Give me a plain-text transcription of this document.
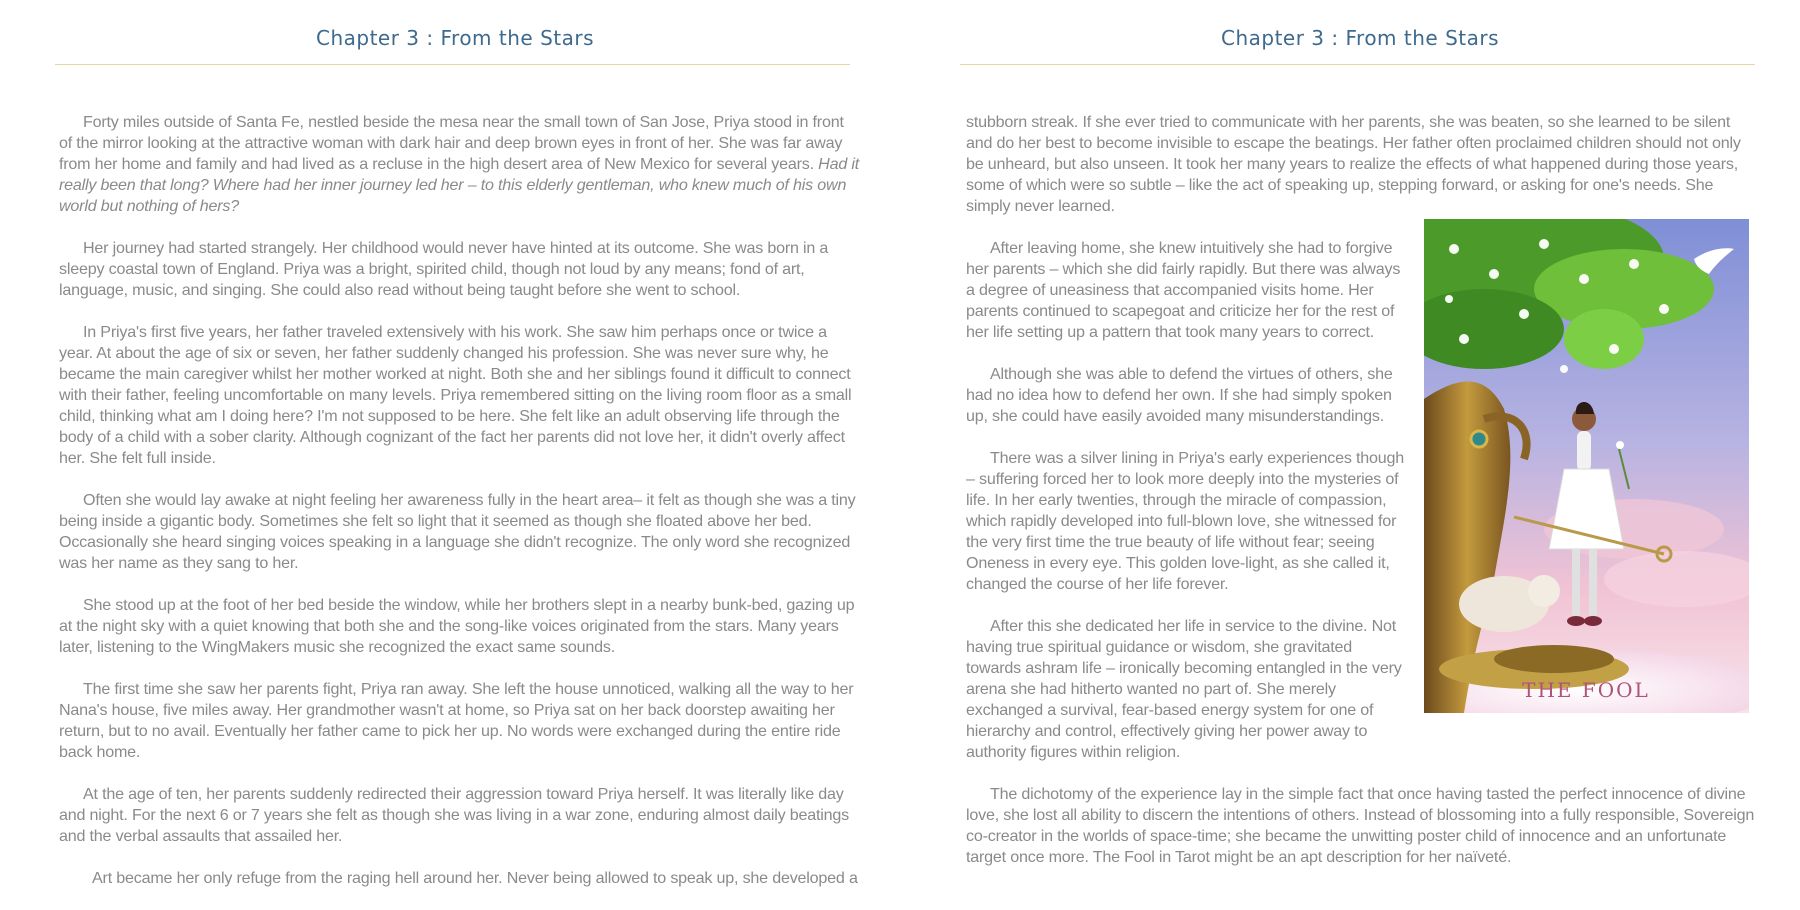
Chapter 3 : From the Stars

Forty miles outside of Santa Fe, nestled beside the mesa near the small town of San Jose, Priya stood in front of the mirror looking at the attractive woman with dark hair and deep brown eyes in front of her. She was far away from her home and family and had lived as a recluse in the high desert area of New Mexico for several years. Had it really been that long? Where had her inner journey led her – to this elderly gentleman, who knew much of his own world but nothing of hers?

Her journey had started strangely. Her childhood would never have hinted at its outcome. She was born in a sleepy coastal town of England. Priya was a bright, spirited child, though not loud by any means; fond of art, language, music, and singing. She could also read without being taught before she went to school.

In Priya's first five years, her father traveled extensively with his work. She saw him perhaps once or twice a year. At about the age of six or seven, her father suddenly changed his profession. She was never sure why, he became the main caregiver whilst her mother worked at night. Both she and her siblings found it difficult to connect with their father, feeling uncomfortable on many levels. Priya remembered sitting on the living room floor as a small child, thinking what am I doing here? I'm not supposed to be here. She felt like an adult observing life through the body of a child with a sober clarity. Although cognizant of the fact her parents did not love her, it didn't overly affect her. She felt full inside.

Often she would lay awake at night feeling her awareness fully in the heart area– it felt as though she was a tiny being inside a gigantic body. Sometimes she felt so light that it seemed as though she floated above her bed. Occasionally she heard singing voices speaking in a language she didn't recognize. The only word she recognized was her name as they sang to her.

She stood up at the foot of her bed beside the window, while her brothers slept in a nearby bunk-bed, gazing up at the night sky with a quiet knowing that both she and the song-like voices originated from the stars. Many years later, listening to the WingMakers music she recognized the exact same sounds.

The first time she saw her parents fight, Priya ran away. She left the house unnoticed, walking all the way to her Nana's house, five miles away. Her grandmother wasn't at home, so Priya sat on her back doorstep awaiting her return, but to no avail. Eventually her father came to pick her up. No words were exchanged during the entire ride back home.

At the age of ten, her parents suddenly redirected their aggression toward Priya herself. It was literally like day and night. For the next 6 or 7 years she felt as though she was living in a war zone, enduring almost daily beatings and the verbal assaults that assailed her.

Art became her only refuge from the raging hell around her. Never being allowed to speak up, she developed a

Chapter 3 : From the Stars

stubborn streak. If she ever tried to communicate with her parents, she was beaten, so she learned to be silent and do her best to become invisible to escape the beatings. Her father often proclaimed children should not only be unheard, but also unseen. It took her many years to realize the effects of what happened during those years, some of which were so subtle – like the act of speaking up, stepping forward, or asking for one's needs. She simply never learned.

After leaving home, she knew intuitively she had to forgive her parents – which she did fairly rapidly. But there was always a degree of uneasiness that accompanied visits home. Her parents continued to scapegoat and criticize her for the rest of her life setting up a pattern that took many years to correct.

Although she was able to defend the virtues of others, she had no idea how to defend her own. If she had simply spoken up, she could have easily avoided many misunderstandings.

There was a silver lining in Priya's early experiences though – suffering forced her to look more deeply into the mysteries of life. In her early twenties, through the miracle of compassion, which rapidly developed into full-blown love, she witnessed for the very first time the true beauty of life without fear; seeing Oneness in every eye. This golden love-light, as she called it, changed the course of her life forever.

After this she dedicated her life in service to the divine. Not having true spiritual guidance or wisdom, she gravitated towards ashram life – ironically becoming entangled in the very arena she had hitherto wanted no part of. She merely exchanged a survival, fear-based energy system for one of hierarchy and control, effectively giving her power away to authority figures within religion.

The dichotomy of the experience lay in the simple fact that once having tasted the perfect innocence of divine love, she lost all ability to discern the intentions of others. Instead of blossoming into a fully responsible, Sovereign co-creator in the worlds of space-time; she became the unwitting poster child of innocence and an unfortunate target once more. The Fool in Tarot might be an apt description for her naïveté.

THE FOOL
